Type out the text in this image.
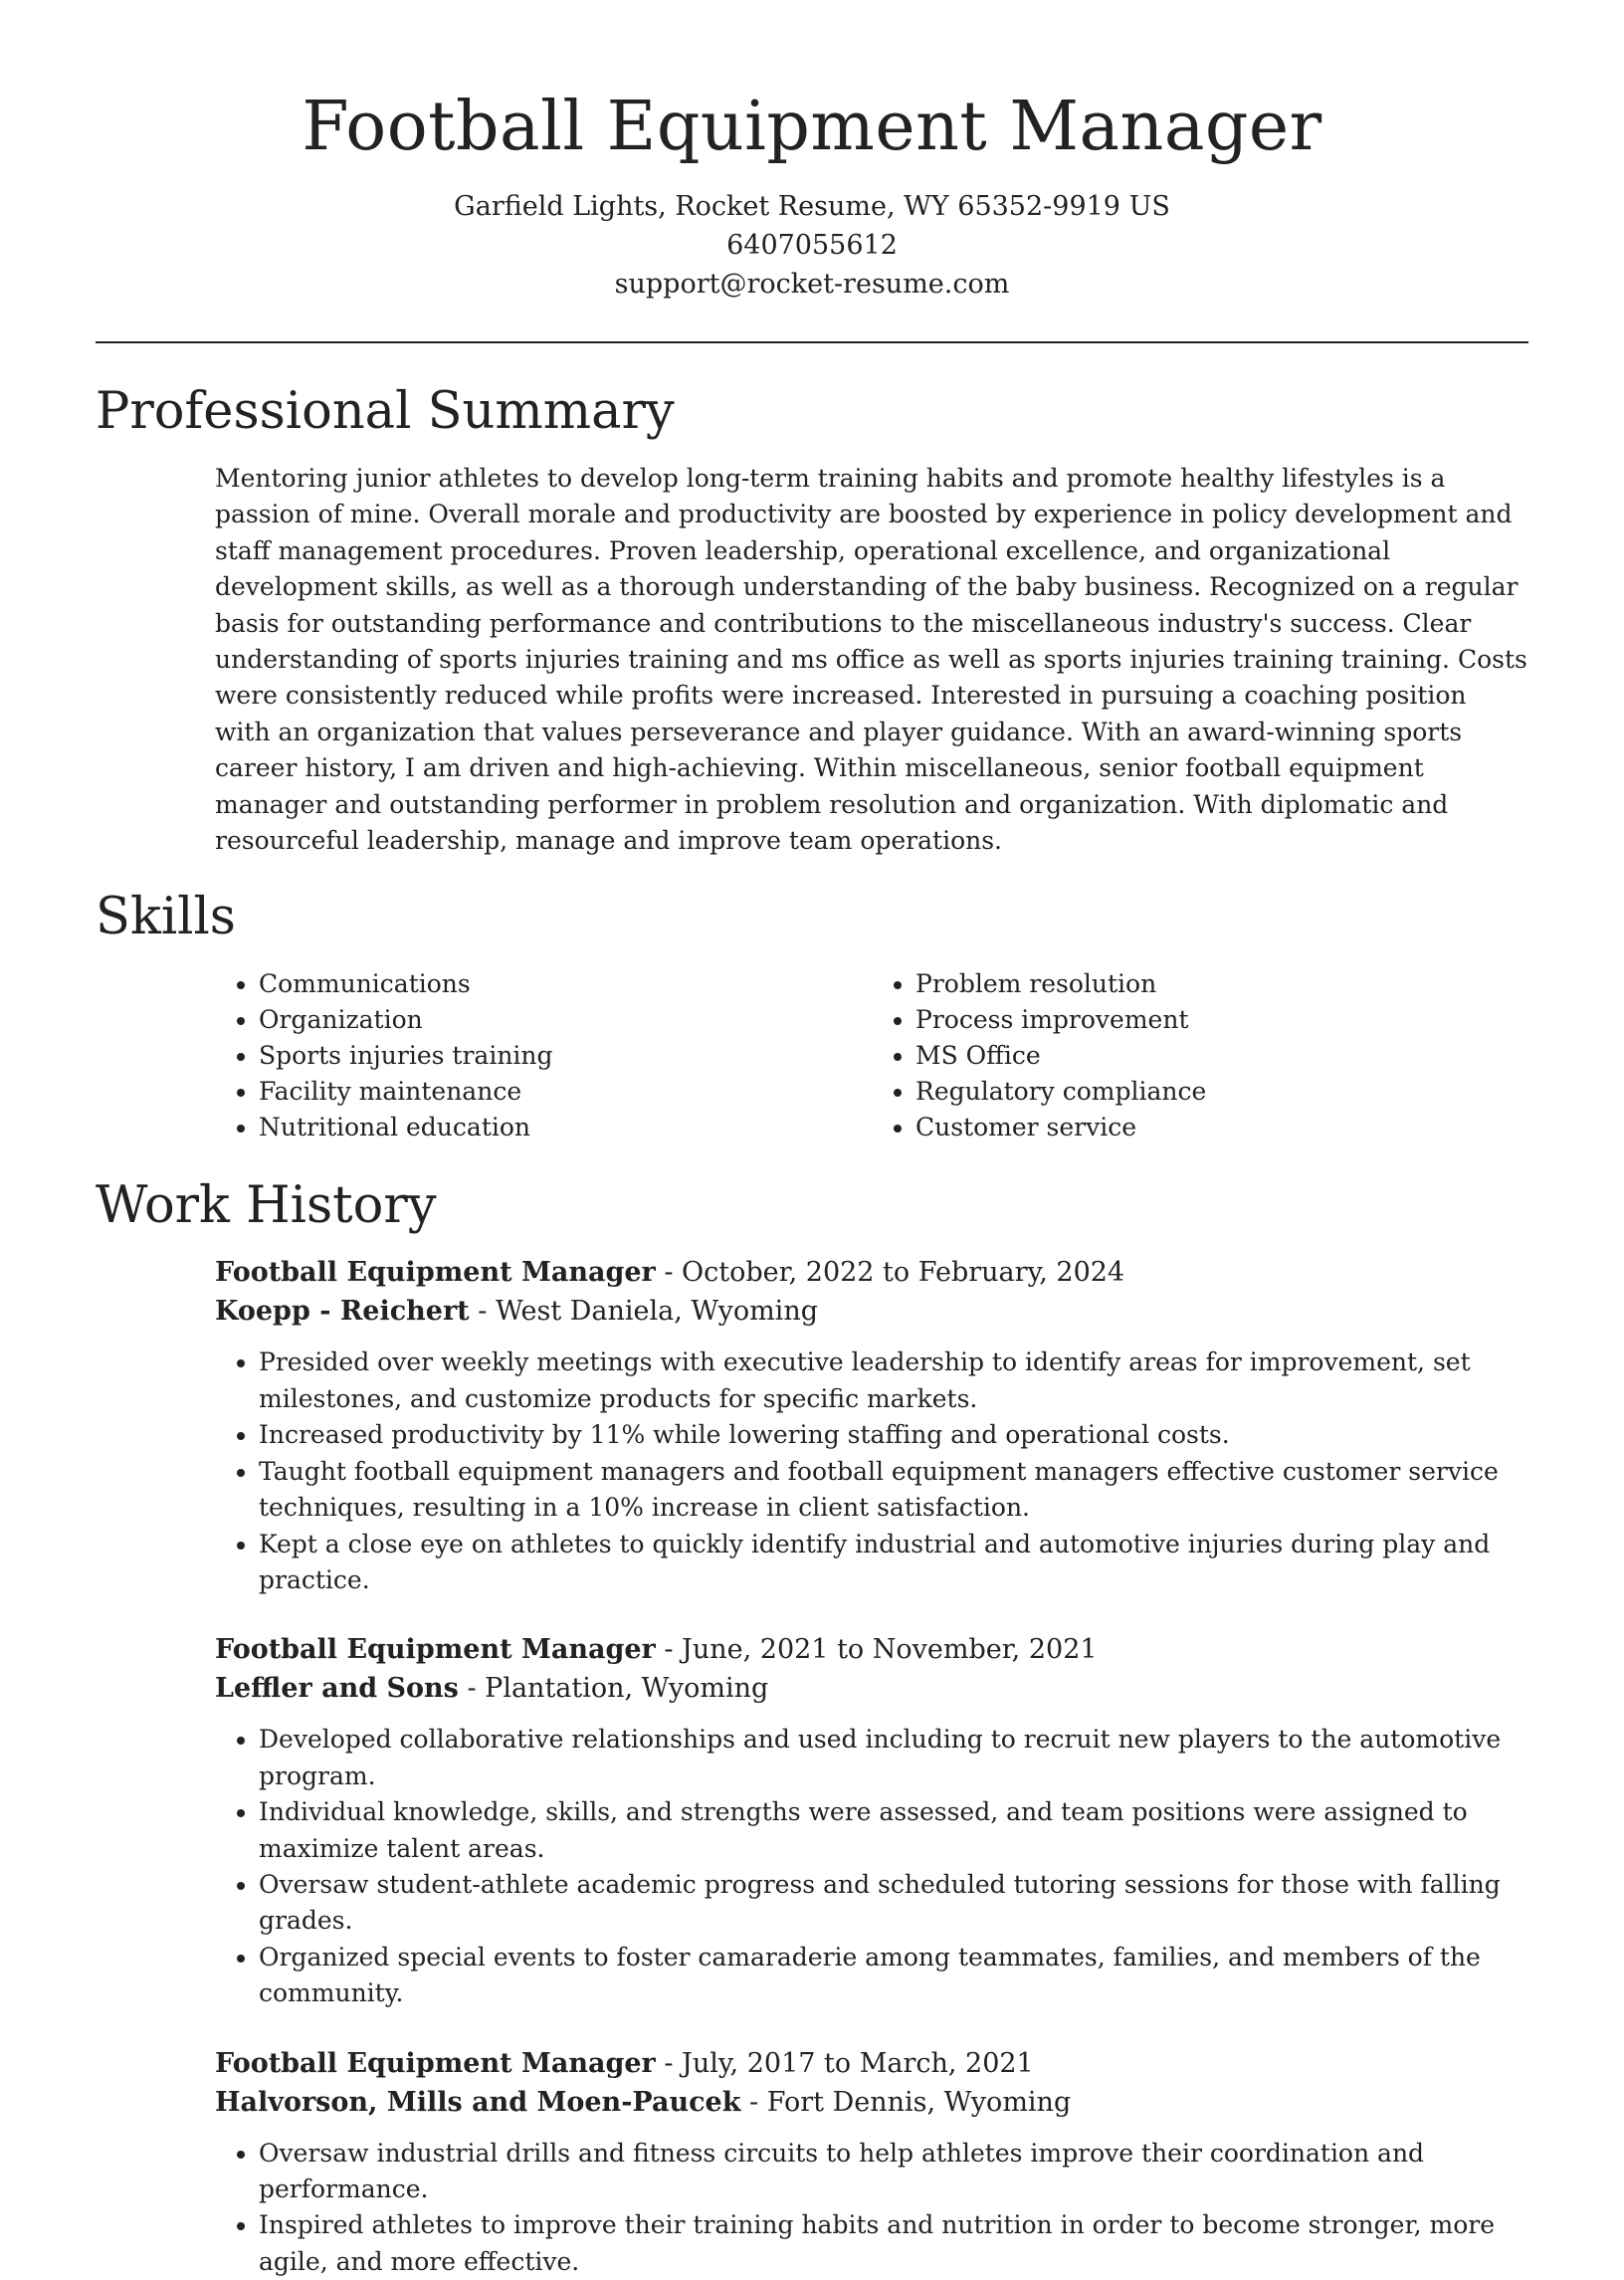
Football Equipment Manager
Garfield Lights, Rocket Resume, WY 65352-9919 US
6407055612
support@rocket-resume.com
Professional Summary

Mentoring junior athletes to develop long-term training habits and promote healthy lifestyles is a passion of mine. Overall morale and productivity are boosted by experience in policy development and staff management procedures. Proven leadership, operational excellence, and organizational development skills, as well as a thorough understanding of the baby business. Recognized on a regular basis for outstanding performance and contributions to the miscellaneous industry's success. Clear understanding of sports injuries training and ms office as well as sports injuries training training. Costs were consistently reduced while profits were increased. Interested in pursuing a coaching position with an organization that values perseverance and player guidance. With an award-winning sports career history, I am driven and high-achieving. Within miscellaneous, senior football equipment manager and outstanding performer in problem resolution and organization. With diplomatic and resourceful leadership, manage and improve team operations.

Skills
• Communications
• Organization
• Sports injuries training
• Facility maintenance
• Nutritional education
• Problem resolution
• Process improvement
• MS Office
• Regulatory compliance
• Customer service
Work History
Football Equipment Manager - October, 2022 to February, 2024
Koepp - Reichert - West Daniela, Wyoming
• Presided over weekly meetings with executive leadership to identify areas for improvement, set milestones, and customize products for specific markets.
• Increased productivity by 11% while lowering staffing and operational costs.
• Taught football equipment managers and football equipment managers effective customer service techniques, resulting in a 10% increase in client satisfaction.
• Kept a close eye on athletes to quickly identify industrial and automotive injuries during play and practice.
Football Equipment Manager - June, 2021 to November, 2021
Leffler and Sons - Plantation, Wyoming
• Developed collaborative relationships and used including to recruit new players to the automotive program.
• Individual knowledge, skills, and strengths were assessed, and team positions were assigned to maximize talent areas.
• Oversaw student-athlete academic progress and scheduled tutoring sessions for those with falling grades.
• Organized special events to foster camaraderie among teammates, families, and members of the community.
Football Equipment Manager - July, 2017 to March, 2021
Halvorson, Mills and Moen-Paucek - Fort Dennis, Wyoming
• Oversaw industrial drills and fitness circuits to help athletes improve their coordination and performance.
• Inspired athletes to improve their training habits and nutrition in order to become stronger, more agile, and more effective.
